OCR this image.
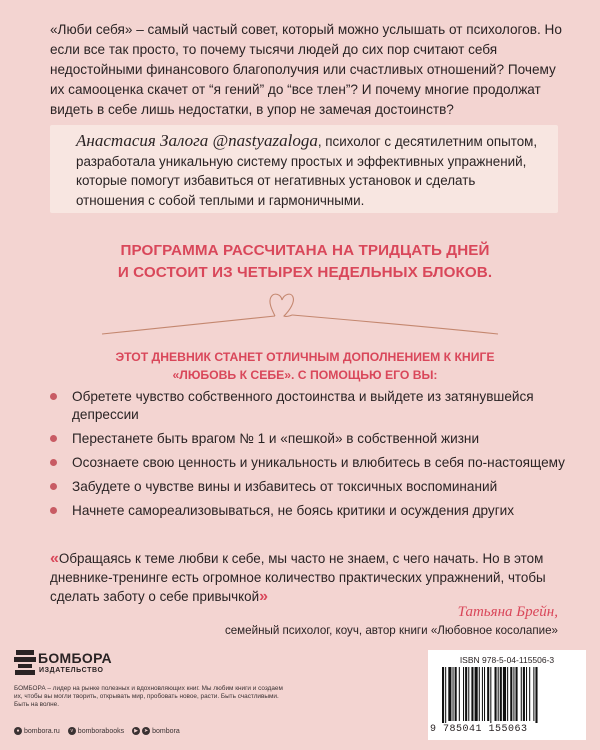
«Люби себя» – самый частый совет, который можно услышать от психологов. Но если все так просто, то почему тысячи людей до сих пор считают себя недостойными финансового благополучия или счастливых отношений? Почему их самооценка скачет от “я гений” до “все тлен”? И почему многие продолжат видеть в себе лишь недостатки, в упор не замечая достоинств?

Анастасия Залога @nastyazaloga, психолог с десятилетним опытом, разработала уникальную систему простых и эффективных упражнений, которые помогут избавиться от негативных установок и сделать отношения с собой теплыми и гармоничными.

ПРОГРАММА РАССЧИТАНА НА ТРИДЦАТЬ ДНЕЙ
И СОСТОИТ ИЗ ЧЕТЫРЕХ НЕДЕЛЬНЫХ БЛОКОВ.

ЭТОТ ДНЕВНИК СТАНЕТ ОТЛИЧНЫМ ДОПОЛНЕНИЕМ К КНИГЕ
«ЛЮБОВЬ К СЕБЕ». С ПОМОЩЬЮ ЕГО ВЫ:

Обретете чувство собственного достоинства и выйдете из затянувшейся депрессии
Перестанете быть врагом № 1 и «пешкой» в собственной жизни
Осознаете свою ценность и уникальность и влюбитесь в себя по-настоящему
Забудете о чувстве вины и избавитесь от токсичных воспоминаний
Начнете самореализовываться, не боясь критики и осуждения других

«Обращаясь к теме любви к себе, мы часто не знаем, с чего начать. Но в этом дневнике-тренинге есть огромное количество практических упражнений, чтобы сделать заботу о себе привычкой»

Татьяна Брейн,
семейный психолог, коуч, автор книги «Любовное косолапие»
БОМБОРА
ИЗДАТЕЛЬСТВО

БОМБОРА – лидер на рынке полезных и вдохновляющих книг. Мы любим книги и создаем их, чтобы вы могли творить, открывать мир, пробовать новое, расти. Быть счастливыми. Быть на волне.

● bombora.ru	v bomborabooks	▶	➤ bombora
ISBN 978-5-04-115506-3
9 785041 155063
